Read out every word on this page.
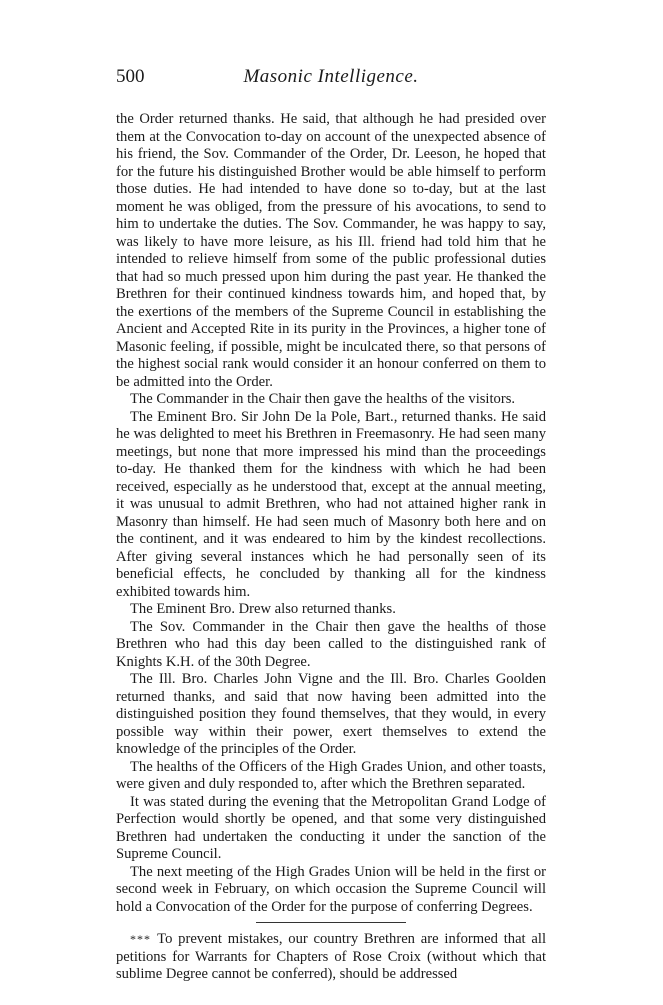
500	Masonic Intelligence.

the Order returned thanks. He said, that although he had presided over them at the Convocation to-day on account of the unexpected absence of his friend, the Sov. Commander of the Order, Dr. Leeson, he hoped that for the future his distinguished Brother would be able himself to perform those duties. He had intended to have done so to-day, but at the last moment he was obliged, from the pressure of his avocations, to send to him to undertake the duties. The Sov. Commander, he was happy to say, was likely to have more leisure, as his Ill. friend had told him that he intended to relieve himself from some of the public professional duties that had so much pressed upon him during the past year. He thanked the Brethren for their continued kindness towards him, and hoped that, by the exertions of the members of the Supreme Council in establishing the Ancient and Accepted Rite in its purity in the Provinces, a higher tone of Masonic feeling, if possible, might be inculcated there, so that persons of the highest social rank would consider it an honour conferred on them to be admitted into the Order.

The Commander in the Chair then gave the healths of the visitors.

The Eminent Bro. Sir John De la Pole, Bart., returned thanks. He said he was delighted to meet his Brethren in Freemasonry. He had seen many meetings, but none that more impressed his mind than the proceedings to-day. He thanked them for the kindness with which he had been received, especially as he understood that, except at the annual meeting, it was unusual to admit Brethren, who had not attained higher rank in Masonry than himself. He had seen much of Masonry both here and on the continent, and it was endeared to him by the kindest recollections. After giving several instances which he had personally seen of its beneficial effects, he concluded by thanking all for the kindness exhibited towards him.

The Eminent Bro. Drew also returned thanks.

The Sov. Commander in the Chair then gave the healths of those Brethren who had this day been called to the distinguished rank of Knights K.H. of the 30th Degree.

The Ill. Bro. Charles John Vigne and the Ill. Bro. Charles Goolden returned thanks, and said that now having been admitted into the distinguished position they found themselves, that they would, in every possible way within their power, exert themselves to extend the knowledge of the principles of the Order.

The healths of the Officers of the High Grades Union, and other toasts, were given and duly responded to, after which the Brethren separated.

It was stated during the evening that the Metropolitan Grand Lodge of Perfection would shortly be opened, and that some very distinguished Brethren had undertaken the conducting it under the sanction of the Supreme Council.

The next meeting of the High Grades Union will be held in the first or second week in February, on which occasion the Supreme Council will hold a Convocation of the Order for the purpose of conferring Degrees.

*** To prevent mistakes, our country Brethren are informed that all petitions for Warrants for Chapters of Rose Croix (without which that sublime Degree cannot be conferred), should be addressed
